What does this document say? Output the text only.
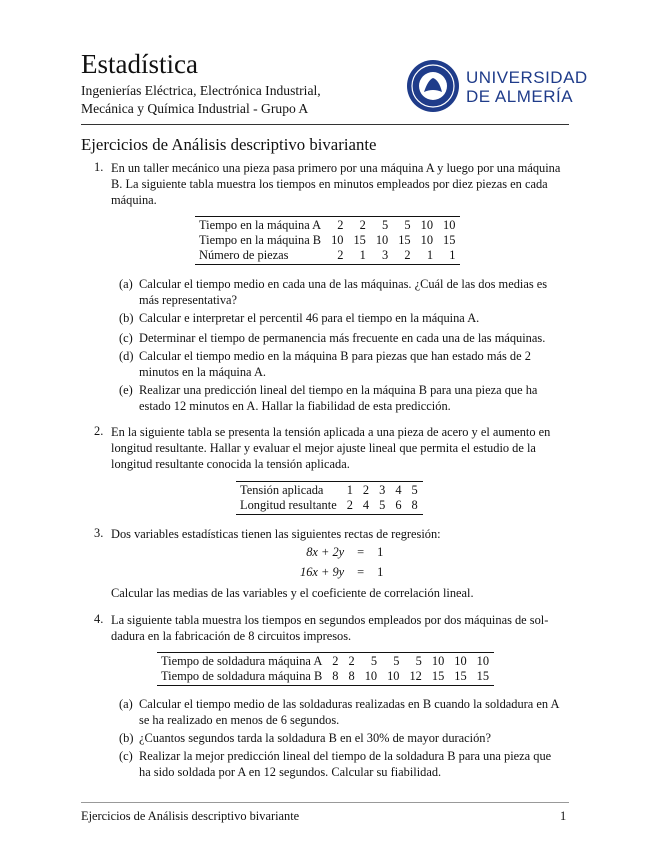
Estadística
Ingenierías Eléctrica, Electrónica Industrial,
Mecánica y Química Industrial - Grupo A
UNIVERSIDAD
DE ALMERÍA
Ejercicios de Análisis descriptivo bivariante
1. En un taller mecánico una pieza pasa primero por una máquina A y luego por una máquina
B. La siguiente tabla muestra los tiempos en minutos empleados por diez piezas en cada
máquina.
Tiempo en la máquina A	2	2	5	5	10	10
Tiempo en la máquina B	10	15	10	15	10	15
Número de piezas	2	1	3	2	1	1
(a) Calcular el tiempo medio en cada una de las máquinas. ¿Cuál de las dos medias es
más representativa?
(b) Calcular e interpretar el percentil 46 para el tiempo en la máquina A.
(c) Determinar el tiempo de permanencia más frecuente en cada una de las máquinas.
(d) Calcular el tiempo medio en la máquina B para piezas que han estado más de 2
minutos en la máquina A.
(e) Realizar una predicción lineal del tiempo en la máquina B para una pieza que ha
estado 12 minutos en A. Hallar la fiabilidad de esta predicción.
2. En la siguiente tabla se presenta la tensión aplicada a una pieza de acero y el aumento en
longitud resultante. Hallar y evaluar el mejor ajuste lineal que permita el estudio de la
longitud resultante conocida la tensión aplicada.
Tensión aplicada	1	2	3	4	5
Longitud resultante	2	4	5	6	8
3. Dos variables estadísticas tienen las siguientes rectas de regresión:
8x + 2y	=	1
16x + 9y	=	1
Calcular las medias de las variables y el coeficiente de correlación lineal.
4. La siguiente tabla muestra los tiempos en segundos empleados por dos máquinas de sol-
dadura en la fabricación de 8 circuitos impresos.
Tiempo de soldadura máquina A	2	2	5	5	5	10	10	10
Tiempo de soldadura máquina B	8	8	10	10	12	15	15	15
(a) Calcular el tiempo medio de las soldaduras realizadas en B cuando la soldadura en A
se ha realizado en menos de 6 segundos.
(b) ¿Cuantos segundos tarda la soldadura B en el 30% de mayor duración?
(c) Realizar la mejor predicción lineal del tiempo de la soldadura B para una pieza que
ha sido soldada por A en 12 segundos. Calcular su fiabilidad.
Ejercicios de Análisis descriptivo bivariante	1
